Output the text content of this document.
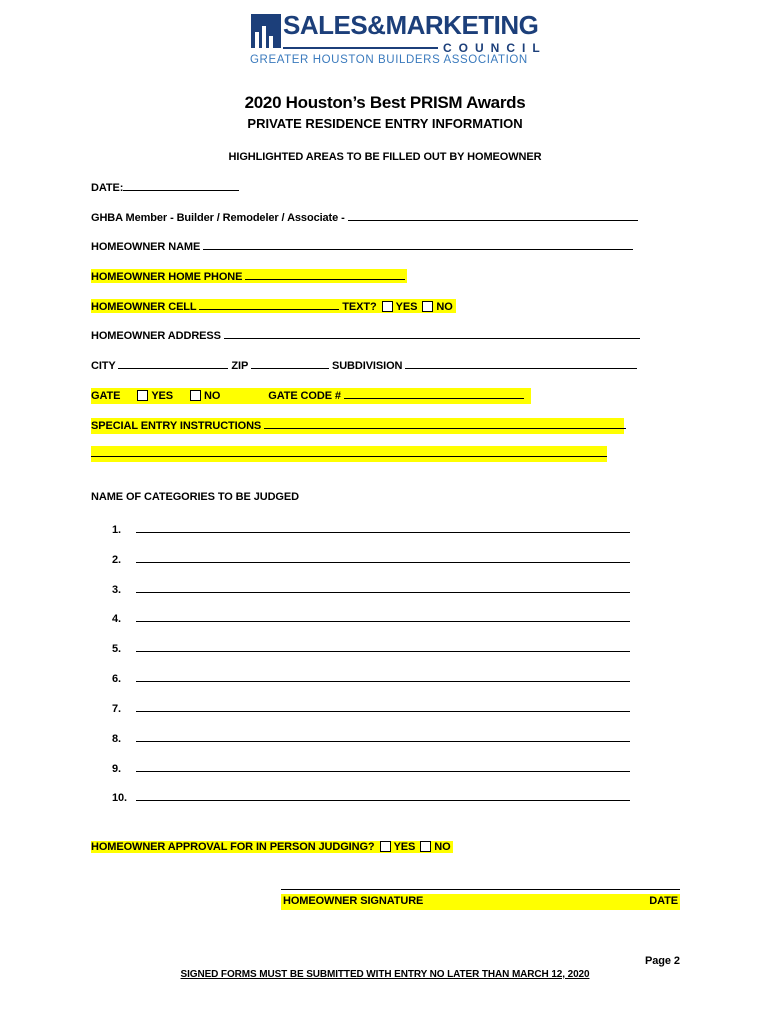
SALES&MARKETING
COUNCIL
GREATER HOUSTON BUILDERS ASSOCIATION
2020 Houston’s Best PRISM Awards
PRIVATE RESIDENCE ENTRY INFORMATION
HIGHLIGHTED AREAS TO BE FILLED OUT BY HOMEOWNER
DATE:
GHBA Member - Builder / Remodeler / Associate -
HOMEOWNER NAME
HOMEOWNER HOME PHONE
HOMEOWNER CELL	TEXT? YES NO
HOMEOWNER ADDRESS
CITY	ZIP	SUBDIVISION
GATE	YES	NO	GATE CODE #
SPECIAL ENTRY INSTRUCTIONS
NAME OF CATEGORIES TO BE JUDGED
1.
2.
3.
4.
5.
6.
7.
8.
9.
10.
HOMEOWNER APPROVAL FOR IN PERSON JUDGING? YES NO
HOMEOWNER SIGNATURE	DATE
Page 2
SIGNED FORMS MUST BE SUBMITTED WITH ENTRY NO LATER THAN MARCH 12, 2020
